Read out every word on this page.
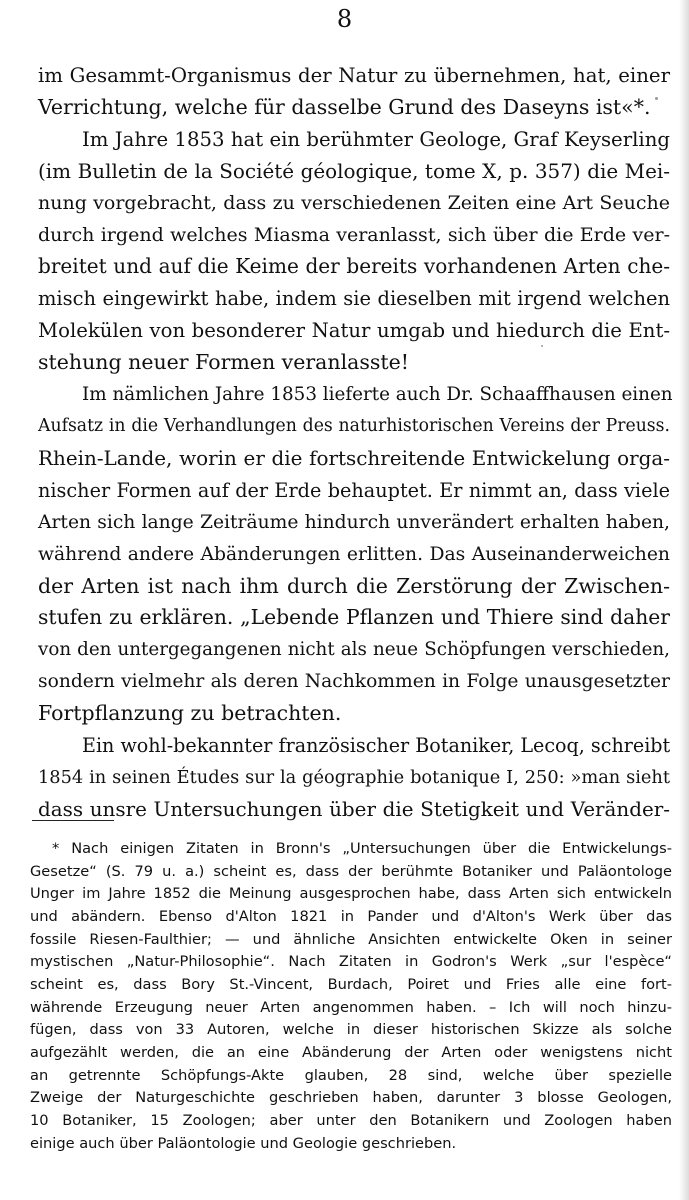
8
im Gesammt-Organismus der Natur zu übernehmen, hat, einer
Verrichtung, welche für dasselbe Grund des Daseyns ist«*.
Im Jahre 1853 hat ein berühmter Geologe, Graf Keyserling
(im Bulletin de la Société géologique, tome X, p. 357) die Mei-
nung vorgebracht, dass zu verschiedenen Zeiten eine Art Seuche
durch irgend welches Miasma veranlasst, sich über die Erde ver-
breitet und auf die Keime der bereits vorhandenen Arten che-
misch eingewirkt habe, indem sie dieselben mit irgend welchen
Molekülen von besonderer Natur umgab und hiedurch die Ent-
stehung neuer Formen veranlasste!
Im nämlichen Jahre 1853 lieferte auch Dr. Schaaffhausen einen
Aufsatz in die Verhandlungen des naturhistorischen Vereins der Preuss.
Rhein-Lande, worin er die fortschreitende Entwickelung orga-
nischer Formen auf der Erde behauptet. Er nimmt an, dass viele
Arten sich lange Zeiträume hindurch unverändert erhalten haben,
während andere Abänderungen erlitten. Das Auseinanderweichen
der Arten ist nach ihm durch die Zerstörung der Zwischen-
stufen zu erklären. „Lebende Pflanzen und Thiere sind daher
von den untergegangenen nicht als neue Schöpfungen verschieden,
sondern vielmehr als deren Nachkommen in Folge unausgesetzter
Fortpflanzung zu betrachten.
Ein wohl-bekannter französischer Botaniker, Lecoq, schreibt
1854 in seinen Études sur la géographie botanique I, 250: »man sieht
dass unsre Untersuchungen über die Stetigkeit und Veränder-
* Nach einigen Zitaten in Bronn's „Untersuchungen über die Entwickelungs-
Gesetze“ (S. 79 u. a.) scheint es, dass der berühmte Botaniker und Paläontologe
Unger im Jahre 1852 die Meinung ausgesprochen habe, dass Arten sich entwickeln
und abändern. Ebenso d'Alton 1821 in Pander und d'Alton's Werk über das
fossile Riesen-Faulthier; — und ähnliche Ansichten entwickelte Oken in seiner
mystischen „Natur-Philosophie“. Nach Zitaten in Godron's Werk „sur l'espèce“
scheint es, dass Bory St.-Vincent, Burdach, Poiret und Fries alle eine fort-
währende Erzeugung neuer Arten angenommen haben. – Ich will noch hinzu-
fügen, dass von 33 Autoren, welche in dieser historischen Skizze als solche
aufgezählt werden, die an eine Abänderung der Arten oder wenigstens nicht
an getrennte Schöpfungs-Akte glauben, 28 sind, welche über spezielle
Zweige der Naturgeschichte geschrieben haben, darunter 3 blosse Geologen,
10 Botaniker, 15 Zoologen; aber unter den Botanikern und Zoologen haben
einige auch über Paläontologie und Geologie geschrieben.
